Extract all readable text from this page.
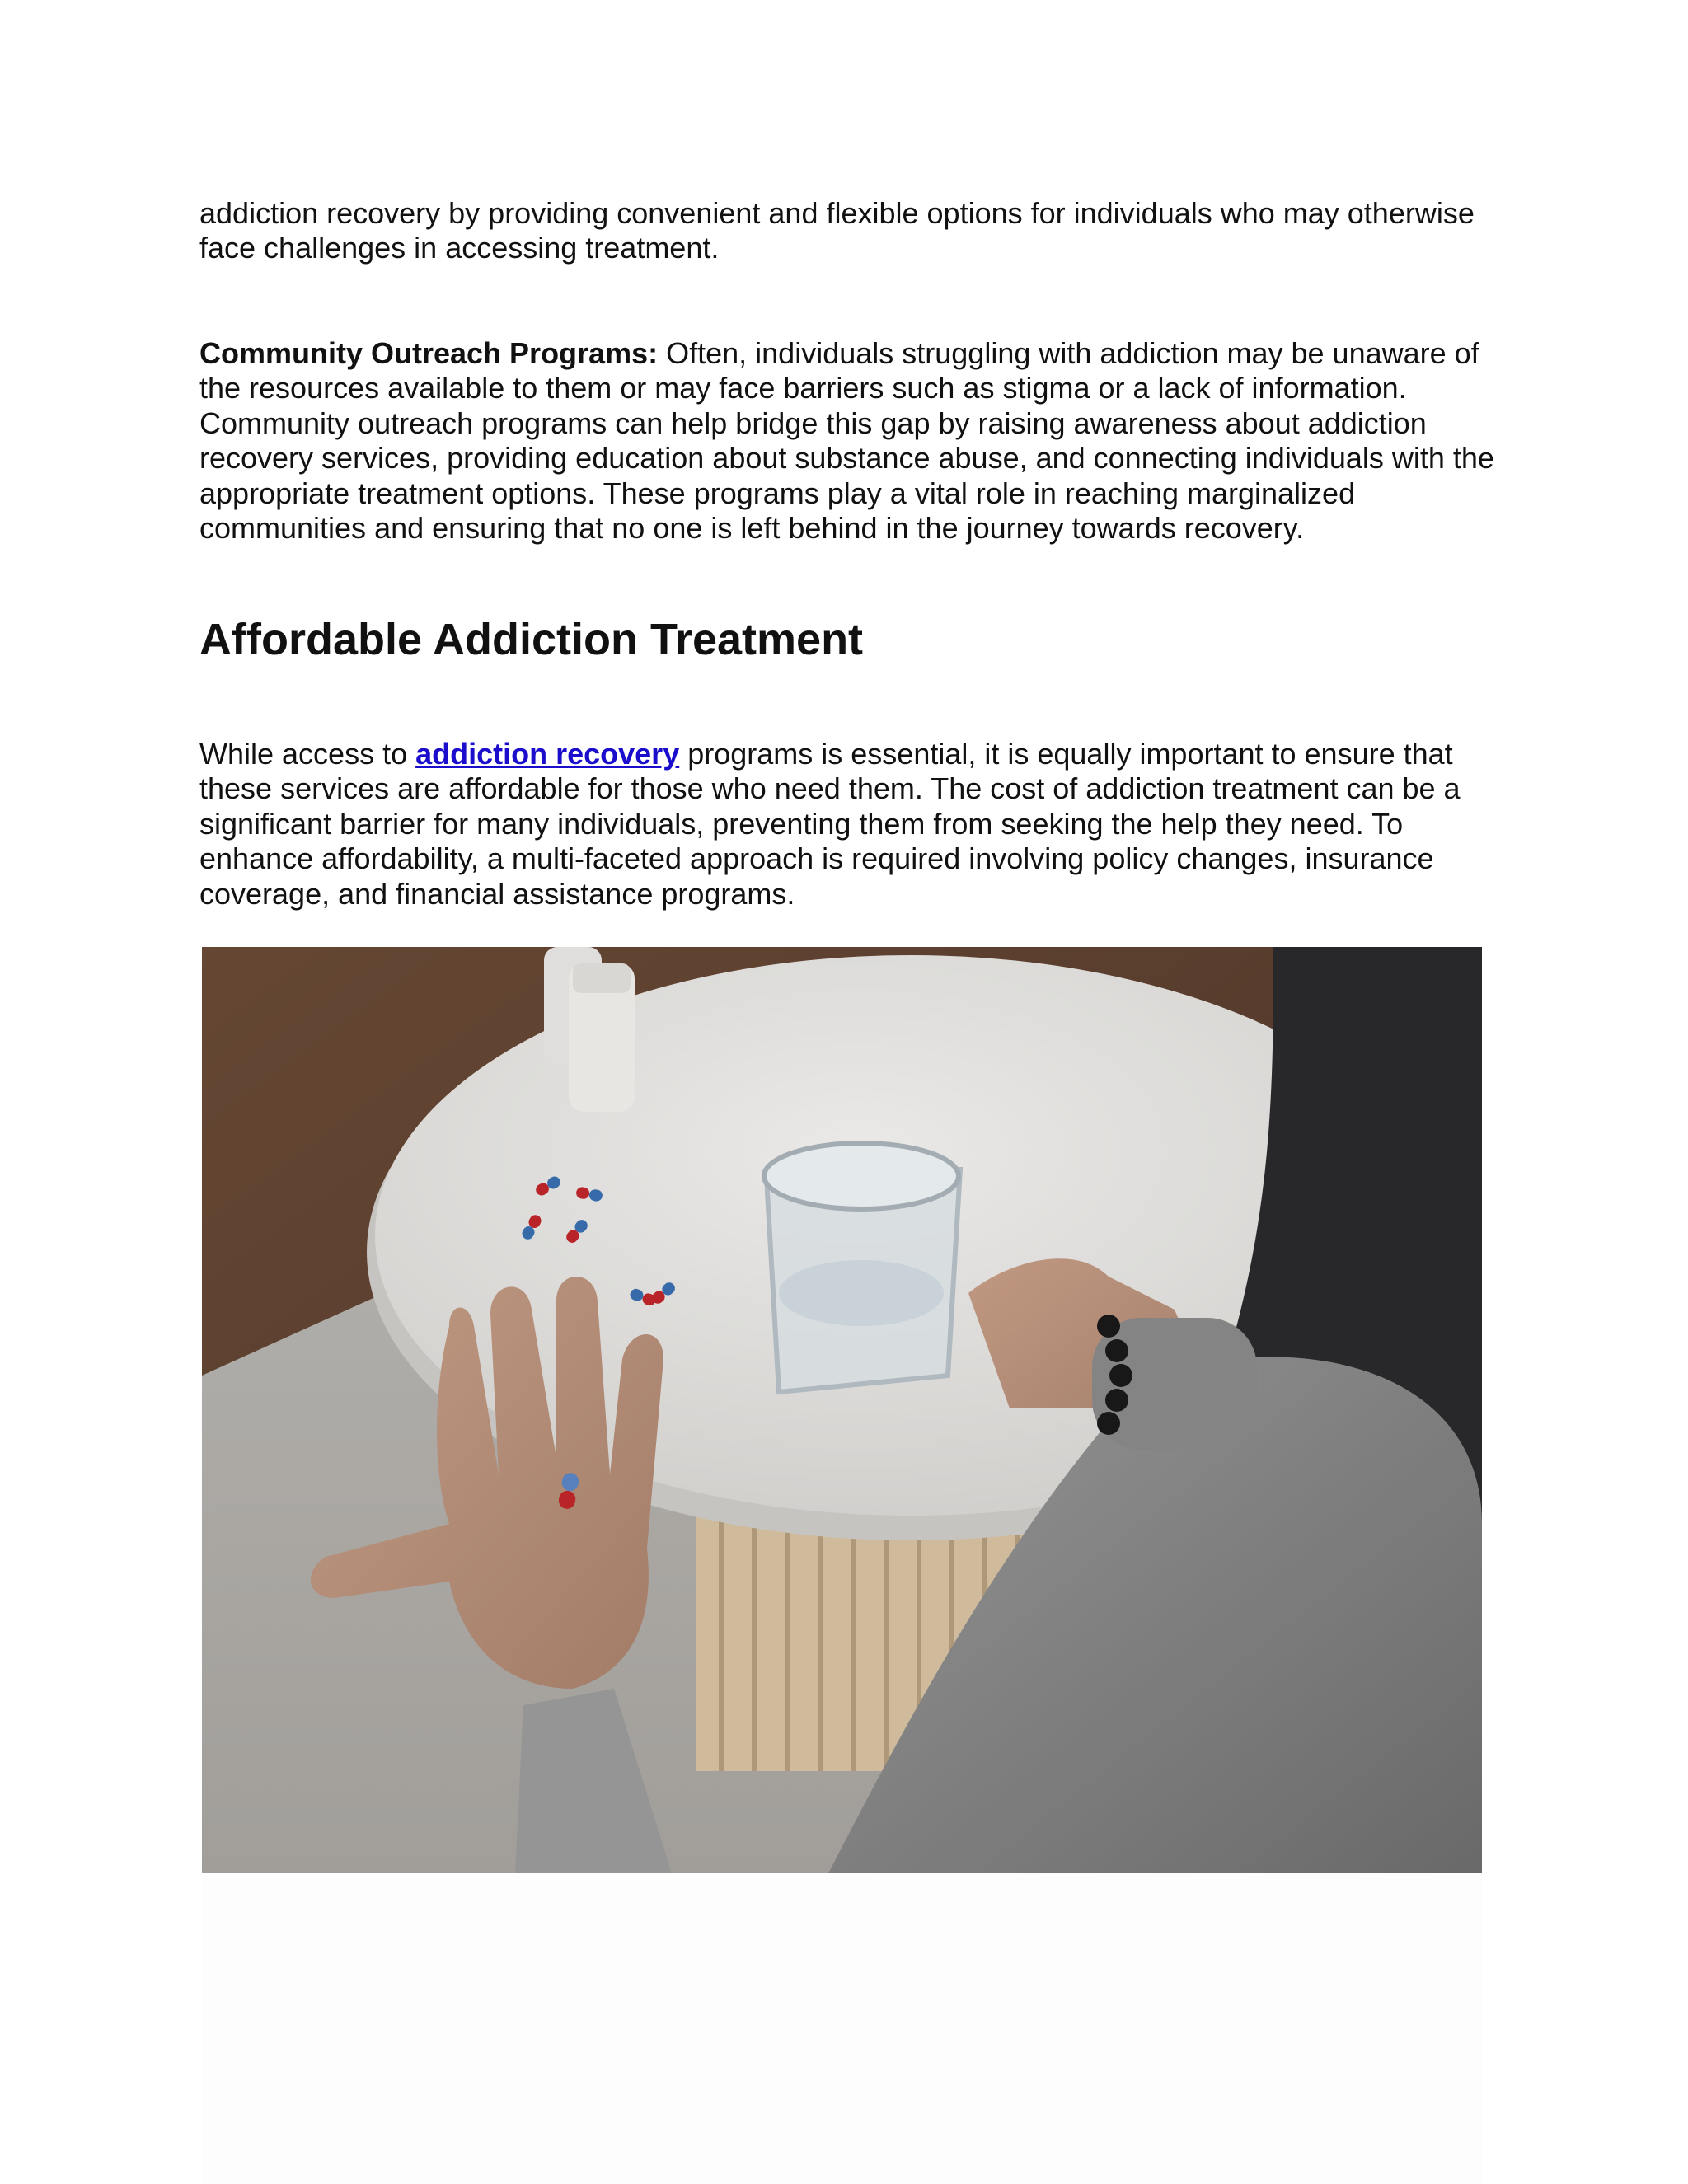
addiction recovery by providing convenient and flexible options for individuals who may otherwise face challenges in accessing treatment.

Community Outreach Programs: Often, individuals struggling with addiction may be unaware of the resources available to them or may face barriers such as stigma or a lack of information. Community outreach programs can help bridge this gap by raising awareness about addiction recovery services, providing education about substance abuse, and connecting individuals with the appropriate treatment options. These programs play a vital role in reaching marginalized communities and ensuring that no one is left behind in the journey towards recovery.

Affordable Addiction Treatment

While access to addiction recovery programs is essential, it is equally important to ensure that these services are affordable for those who need them. The cost of addiction treatment can be a significant barrier for many individuals, preventing them from seeking the help they need. To enhance affordability, a multi-faceted approach is required involving policy changes, insurance coverage, and financial assistance programs.
